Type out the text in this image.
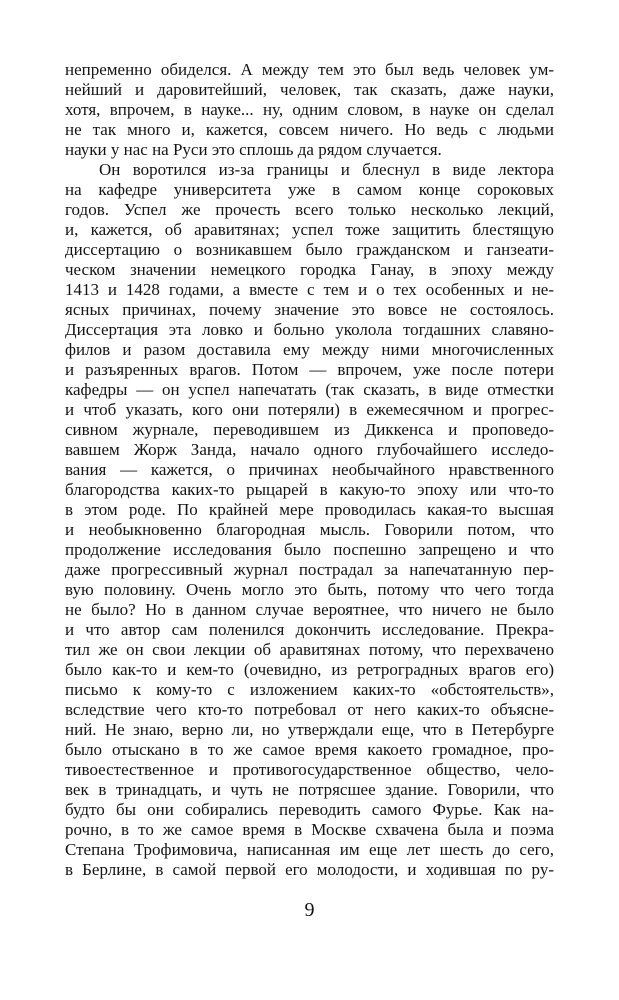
непременно обиделся. А между тем это был ведь человек ум-
нейший и даровитейший, человек, так сказать, даже науки,
хотя, впрочем, в науке... ну, одним словом, в науке он сделал
не так много и, кажется, совсем ничего. Но ведь с людьми
науки у нас на Руси это сплошь да рядом случается.
Он воротился из-за границы и блеснул в виде лектора
на кафедре университета уже в самом конце сороковых
годов. Успел же прочесть всего только несколько лекций,
и, кажется, об аравитянах; успел тоже защитить блестящую
диссертацию о возникавшем было гражданском и ганзеати-
ческом значении немецкого городка Ганау, в эпоху между
1413 и 1428 годами, а вместе с тем и о тех особенных и не-
ясных причинах, почему значение это вовсе не состоялось.
Диссертация эта ловко и больно уколола тогдашних славяно-
филов и разом доставила ему между ними многочисленных
и разъяренных врагов. Потом — впрочем, уже после потери
кафедры — он успел напечатать (так сказать, в виде отместки
и чтоб указать, кого они потеряли) в ежемесячном и прогрес-
сивном журнале, переводившем из Диккенса и проповедо-
вавшем Жорж Занда, начало одного глубочайшего исследо-
вания — кажется, о причинах необычайного нравственного
благородства каких-то рыцарей в какую-то эпоху или что-то
в этом роде. По крайней мере проводилась какая-то высшая
и необыкновенно благородная мысль. Говорили потом, что
продолжение исследования было поспешно запрещено и что
даже прогрессивный журнал пострадал за напечатанную пер-
вую половину. Очень могло это быть, потому что чего тогда
не было? Но в данном случае вероятнее, что ничего не было
и что автор сам поленился докончить исследование. Прекра-
тил же он свои лекции об аравитянах потому, что перехвачено
было как-то и кем-то (очевидно, из ретроградных врагов его)
письмо к кому-то с изложением каких-то «обстоятельств»,
вследствие чего кто-то потребовал от него каких-то объясне-
ний. Не знаю, верно ли, но утверждали еще, что в Петербурге
было отыскано в то же самое время какоето громадное, про-
тивоестественное и противогосударственное общество, чело-
век в тринадцать, и чуть не потрясшее здание. Говорили, что
будто бы они собирались переводить самого Фурье. Как на-
рочно, в то же самое время в Москве схвачена была и поэма
Степана Трофимовича, написанная им еще лет шесть до сего,
в Берлине, в самой первой его молодости, и ходившая по ру-
9
